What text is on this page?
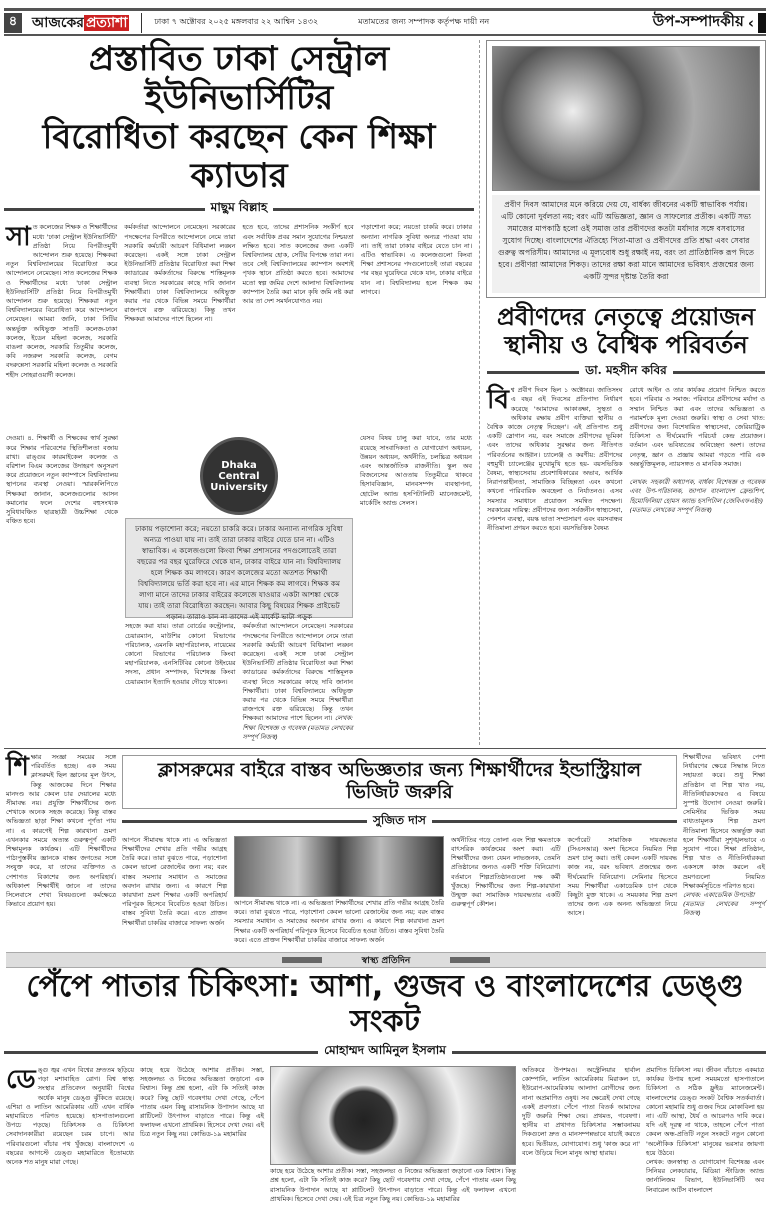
৪	আজকের প্রত্যাশা	ঢাকা ৭ অক্টোবর ২০২৫ মঙ্গলবার ২২ আশ্বিন ১৪৩২	মতামতের জন্য সম্পাদক কর্তৃপক্ষ দায়ী নন	উপ-সম্পাদকীয় ‹
প্রস্তাবিত ঢাকা সেন্ট্রাল ইউনিভার্সিটির
বিরোধিতা করছেন কেন শিক্ষা ক্যাডার
মাছুম বিল্লাহ
সাত কলেজের শিক্ষক ও শিক্ষার্থীদের মধ্যে 'ঢাকা সেন্ট্রাল ইউনিভার্সিটি' প্রতিষ্ঠা নিয়ে বিপরীতমুখী আন্দোলন শুরু হয়েছে। শিক্ষকরা নতুন বিশ্ববিদ্যালয়ের বিরোধিতা করে আন্দোলনে নেমেছেন। সাত কলেজের শিক্ষক ও শিক্ষার্থীদের মধ্যে 'ঢাকা সেন্ট্রাল ইউনিভার্সিটি' প্রতিষ্ঠা নিয়ে বিপরীতমুখী আন্দোলন শুরু হয়েছে। শিক্ষকরা নতুন বিশ্ববিদ্যালয়ের বিরোধিতা করে আন্দোলনে নেমেছেন। আমরা জানি, ঢাকা সিটির অন্তর্ভুক্ত অধিভুক্ত সাতটি কলেজ-ঢাকা কলেজ, ইডেন মহিলা কলেজ, সরকারি বাঙলা কলেজ, সরকারি তিতুমীর কলেজ, কবি নজরুল সরকারি কলেজ, বেগম বদরুন্নেসা সরকারি মহিলা কলেজ ও সরকারি শহীদ সোহরাওয়ার্দী কলেজ।
কর্মকর্তারা আন্দোলনে নেমেছেন। সরকারের পদক্ষেপের বিপরীতে আন্দোলনে নেমে তারা সরকারি কর্মচারী আচরণ বিধিমালা লঙ্ঘন করেছেন। একই সঙ্গে ঢাকা সেন্ট্রাল ইউনিভার্সিটি প্রতিষ্ঠার বিরোধিতা করা শিক্ষা ক্যাডারের কর্মকর্তাদের বিরুদ্ধে শাস্তিমূলক ব্যবস্থা নিতে সরকারের কাছে দাবি জানান শিক্ষার্থীরা। ঢাকা বিশ্ববিদ্যালয়ে অধিভুক্ত করার পর থেকে বিভিন্ন সময়ে শিক্ষার্থীরা রাজপথে রক্ত ঝরিয়েছে। কিন্তু তখন শিক্ষকরা আমাদের পাশে ছিলেন না।
হতে হবে, তাদের প্রশাসনিক সংকীর্ণ হবে এবং সর্বাধিক প্রবর সমান সুযোগের নিশ্চয়তা লক্ষিত হবে। সাত কলেজের জন্য একটি বিশ্ববিদ্যালয় হোক, সেটির বিপক্ষে তারা নন। তবে সেই বিশ্ববিদ্যালয়ের ক্যাম্পাস অবশ্যই পৃথক স্থানে প্রতিষ্ঠা করতে হবে। আমাদের মতো স্বল্প জমির দেশে আলাদা বিশ্ববিদ্যালয় ক্যাম্পাস তৈরি করা মানে কৃষি জমি নষ্ট করা আর তা দেশ সমর্থনযোগ্যও নয়।
পড়াশোনা করে; নয়তো চাকরি করে। ঢাকার অন্যান্য নাগরিক সুবিধা অন্যত্র পাওয়া যায় না। তাই তারা ঢাকার বাইরে যেতে চান না। এটিও স্বাভাবিক। এ কলেজগুলো কিংবা শিক্ষা প্রশাসনের পদগুলোতেই তারা বছরের পর বছর ঘুরেফিরে থেকে যান, ঢাকার বাইরে যান না। বিশ্ববিদ্যালয় হলে শিক্ষক কম লাগবে।
দেওয়া। ৪. শিক্ষার্থী ও শিক্ষকের স্বার্থ সুরক্ষা করে শিক্ষার পরিবেশের স্থিতিশীলতা বজায় রাখা। রাঙ্গুর কারমাইকেল কলেজ ও বরিশাল বিএম কলেজের উদাহরণ অনুসরণ করে প্রয়োজনে নতুন ক্যাম্পাসে বিশ্ববিদ্যালয় স্থাপনের ব্যবস্থা নেওয়া। স্মারকলিপিতে শিক্ষকরা জানান, কলেজগুলোর আসন কমানোর ফলে দেশের বহুসংখ্যক সুবিধাবঞ্চিত ছাত্রছাত্রী উচ্চশিক্ষা থেকে বঞ্চিত হবে।
Dhaka
Central
University
ঢাকায় পড়াশোনা করে; নয়তো চাকরি করে। ঢাকার অন্যান্য নাগরিক সুবিধা অন্যত্র পাওয়া যায় না। তাই তারা ঢাকার বাইরে যেতে চান না। এটিও স্বাভাবিক। এ কলেজগুলো কিংবা শিক্ষা প্রশাসনের পদগুলোতেই তারা বছরের পর বছর ঘুরেফিরে থেকে যান, ঢাকার বাইরে যান না। বিশ্ববিদ্যালয় হলে শিক্ষক কম লাগবে। কারণ কলেজের মতো অতশত শিক্ষার্থী বিশ্ববিদ্যালয়ে ভর্তি করা হবে না। এর মানে শিক্ষক কম লাগবে। শিক্ষক কম লাগা মানে তাদের ঢাকার বাইরের কলেজে যাওয়ার একটা আশঙ্কা থেকে যায়। তাই তারা বিরোধিতা করছেন। আবার কিছু বিষয়ের শিক্ষক প্রাইভেট পড়ান। তারাও চান না তাদের এই মার্কেট ভাটা পড়ুক
সহজে করা যায়। তারা বোর্ডের কন্ট্রোলার, চেয়ারম্যান, মাউশির কোনো বিভাগের পরিচালক, এমনকি মহাপরিচালক, নায়েমের কোনো বিভাগের পরিচালক কিংবা মহাপরিচালক, এনসিটিবির কোনো উইংয়ের সদস্য, প্রধান সম্পাদক, বিশেষজ্ঞ কিংবা চেয়ারম্যান ইত্যাদি হওয়ার দৌড়ে থাকেন।
কর্মকর্তারা আন্দোলনে নেমেছেন। সরকারের পদক্ষেপের বিপরীতে আন্দোলনে নেমে তারা সরকারি কর্মচারী আচরণ বিধিমালা লঙ্ঘন করেছেন। একই সঙ্গে ঢাকা সেন্ট্রাল ইউনিভার্সিটি প্রতিষ্ঠার বিরোধিতা করা শিক্ষা ক্যাডারের কর্মকর্তাদের বিরুদ্ধে শাস্তিমূলক ব্যবস্থা নিতে সরকারের কাছে দাবি জানান শিক্ষার্থীরা। ঢাকা বিশ্ববিদ্যালয়ে অধিভুক্ত করার পর থেকে বিভিন্ন সময়ে শিক্ষার্থীরা রাজপথে রক্ত ঝরিয়েছে। কিন্তু তখন শিক্ষকরা আমাদের পাশে ছিলেন না। লেখক: শিক্ষা বিশেষজ্ঞ ও গবেষক (মতামত লেখকের সম্পূর্ণ নিজস্ব)
যেসব বিষয় চালু করা যাবে, তার মধ্যে রয়েছে সাংবাদিকতা ও যোগাযোগ অধ্যয়ন, উন্নয়ন অধ্যয়ন, অর্থনীতি, চলচ্চিত্র অধ্যয়ন এবং আন্তর্জাতিক রাজনীতি। স্কুল অব বিজনেসের আওতায় তিতুমীরে থাকবে হিসাববিজ্ঞান, মানবসম্পদ ব্যবস্থাপনা, হোটেল অ্যান্ড হসপিটালিটি ম্যানেজমেন্ট, মার্কেটিং অ্যান্ড সেলস।
প্রবীণ দিবস আমাদের মনে করিয়ে দেয় যে, বার্ধক্য জীবনের একটি স্বাভাবিক পর্যায়। এটি কোনো দুর্বলতা নয়; বরং এটি অভিজ্ঞতা, জ্ঞান ও সাফল্যের প্রতীক। একটি সভ্য সমাজের মাপকাঠি হলো ওই সমাজ তার প্রবীণদের কতটা মর্যাদার সঙ্গে বসবাসের সুযোগ দিচ্ছে। বাংলাদেশের ঐতিহ্যে পিতা-মাতা ও প্রবীণদের প্রতি শ্রদ্ধা এবং সেবার গুরুত্ব অপরিসীম। আমাদের এ মূল্যবোধ শুধু রক্ষাই নয়, বরং তা প্রাতিষ্ঠানিক রূপ দিতে হবে। প্রবীণরা আমাদের শিকড়। তাদের রক্ষা করা মানে আমাদের ভবিষ্যৎ প্রজন্মের জন্য একটি সুন্দর দৃষ্টান্ত তৈরি করা
প্রবীণদের নেতৃত্বে প্রয়োজন
স্থানীয় ও বৈশ্বিক পরিবর্তন
ডা. মহসীন কবির
বিশ্ব প্রবীণ দিবস ছিল ১ অক্টোবর। জাতিসংঘ এ বছর এই দিবসের প্রতিপাদ্য নির্ধারণ করেছে 'আমাদের আকাঙ্ক্ষা, সুস্থতা ও অধিকার রক্ষায় প্রবীণ ব্যক্তিরা স্থানীয় ও বৈশ্বিক কাজে নেতৃত্ব দিচ্ছেন'। এই প্রতিপাদ্য শুধু একটি স্লোগান নয়, বরং সমাজে প্রবীণদের ভূমিকা এবং তাদের অধিকার সুরক্ষার জন্য নীতিগত পরিবর্তনের আহ্বান। চ্যালেঞ্জ ও করণীয়: প্রবীণদের বহুমুখী চ্যালেঞ্জের মুখোমুখি হতে হয়- বয়সভিত্তিক বৈষম্য, স্বাস্থ্যসেবায় প্রবেশাধিকারের অভাব, আর্থিক নিরাপত্তাহীনতা, সামাজিক বিচ্ছিন্নতা এবং কখনো কখনো পারিবারিক অবহেলা ও নির্যাতনও। এসব সমস্যার সমাধানে প্রয়োজন সমন্বিত পদক্ষেপ। সরকারের দায়িত্ব: প্রবীণদের জন্য সর্বজনীন স্বাস্থ্যসেবা, পেনশন ব্যবস্থা, বয়স্ক ভাতা সম্প্রসারণ এবং বয়সবান্ধব নীতিমালা প্রণয়ন করতে হবে। বয়সভিত্তিক বৈষম্য
রোধে আইন ও তার কার্যকর প্রয়োগ নিশ্চিত করতে হবে। পরিবার ও সমাজ: পরিবারে প্রবীণদের মর্যাদা ও সম্মান নিশ্চিত করা এবং তাদের অভিজ্ঞতা ও পরামর্শকে মূল্য দেওয়া জরুরি। স্বাস্থ্য ও সেবা খাত: প্রবীণদের জন্য বিশেষায়িত স্বাস্থ্যসেবা, জেরিয়াট্রিক চিকিৎসা ও দীর্ঘমেয়াদি পরিচর্যা কেন্দ্র প্রয়োজন। বর্তমান এবং ভবিষ্যতের অবিচ্ছেদ্য অংশ। তাদের নেতৃত্ব, জ্ঞান ও প্রজ্ঞায় আমরা গড়তে পারি এক অন্তর্ভুক্তিমূলক, ন্যায়সঙ্গত ও মানবিক সমাজ।

লেখক: সহকারী অধ্যাপক, বার্ধক্য বিশেষজ্ঞ ও গবেষক এবং উপ-পরিচালক, জাপান বাংলাদেশ ফ্রেন্ডশিপ, হিমোফিলিয়া হোমস অ্যান্ড হসপিটাল (জেবিএফএইচ)
(মতামত লেখকের সম্পূর্ণ নিজস্ব)
শিক্ষার সংজ্ঞা সময়ের সঙ্গে পরিবর্তিত হচ্ছে। এক সময় ক্লাসরুমই ছিল জ্ঞানের মূল উৎস, কিন্তু আজকের দিনে শিক্ষার মানদণ্ড আর কেবল চার দেয়ালের মধ্যে সীমাবদ্ধ নয়। প্রযুক্তি শিক্ষার্থীদের জন্য শেখাকে অনেক সহজ করেছে। কিন্তু বাস্তব অভিজ্ঞতা ছাড়া শিক্ষা কখনো পূর্ণতা পায় না। এ কারণেই শিল্প কারখানা ভ্রমণ এখনকার সময়ে অত্যন্ত গুরুত্বপূর্ণ একটি শিক্ষামূলক কার্যক্রম। এটি শিক্ষার্থীদের পাঠ্যপুস্তকীয় জ্ঞানকে বাস্তব জগতের সঙ্গে সংযুক্ত করে, যা তাদের ব্যক্তিগত ও পেশাগত বিকাশের জন্য অপরিহার্য। অধিকাংশ শিক্ষার্থীই জানে না তাদের সিলেবাসে শেখা বিষয়গুলো কর্মক্ষেত্রে কিভাবে প্রয়োগ হয়।
ক্লাসরুমের বাইরে বাস্তব অভিজ্ঞতার জন্য শিক্ষার্থীদের ইন্ডাস্ট্রিয়াল ভিজিট জরুরি
সুজিত দাস
আপনে সীমাবদ্ধ থাকে না। এ অভিজ্ঞতা শিক্ষার্থীদের শেখার প্রতি গভীর আগ্রহ তৈরি করে। তারা বুঝতে পারে, পড়াশোনা কেবল ভালো রেজাল্টের জন্য নয়; বরং বাস্তব সমস্যার সমাধান ও সমাজের অবদান রাখার জন্য। এ কারণে শিল্প কারখানা ভ্রমণ শিক্ষার একটি অপরিহার্য পরিপূরক হিসেবে বিবেচিত হওয়া উচিত। বাস্তব সুবিধা তৈরি করে। এতে প্রাক্তন শিক্ষার্থীরা চাকরির বাজারে সাফল্য অর্জন
আপনে সীমাবদ্ধ থাকে না। এ অভিজ্ঞতা শিক্ষার্থীদের শেখার প্রতি গভীর আগ্রহ তৈরি করে। তারা বুঝতে পারে, পড়াশোনা কেবল ভালো রেজাল্টের জন্য নয়; বরং বাস্তব সমস্যার সমাধান ও সমাজের অবদান রাখার জন্য। এ কারণে শিল্প কারখানা ভ্রমণ শিক্ষার একটি অপরিহার্য পরিপূরক হিসেবে বিবেচিত হওয়া উচিত। বাস্তব সুবিধা তৈরি করে। এতে প্রাক্তন শিক্ষার্থীরা চাকরির বাজারে সাফল্য অর্জন
অর্থনীতির গড়ে তোলা এবং শিল্প ক্ষমতাকে বাৎসরিক কার্যক্রমের অংশ করা। এটি শিক্ষার্থীদের জন্য যেমন লাভজনক, তেমনি প্রতিষ্ঠানের জন্যও একটি শক্তি বিনিয়োগ। বর্তমানে শিল্পপ্রতিষ্ঠানগুলো দক্ষ কর্মী খুঁজছে। শিক্ষার্থীদের জন্য শিল্প-কারখানা উন্মুক্ত করা সামাজিক দায়বদ্ধতার একটি গুরুত্বপূর্ণ কৌশল।
কর্পোরেট সামাজিক দায়বদ্ধতার (সিএসআর) অংশ হিসেবে নিয়মিত শিল্প ভ্রমণ চালু করা। তাই কেবল একটি দায়বদ্ধ কাজ নয়, বরং ভবিষ্যৎ প্রজন্মের জন্য দীর্ঘমেয়াদি বিনিয়োগ। সেমিনার হিসেবে সময় শিক্ষার্থীরা একাডেমিক চাপ থেকে কিছুটা মুক্ত থাকে। এ সময়কার শিল্প ভ্রমণ তাদের জন্য এক অনন্য অভিজ্ঞতা নিয়ে আসে।
শিক্ষার্থীদের ভবিষ্যৎ পেশা নির্ধারণের ক্ষেত্রে সিদ্ধান্ত নিতে সহায়তা করে। শুধু শিক্ষা প্রতিষ্ঠান বা শিল্প খাত নয়, নীতিনির্ধারকদেরও এ বিষয়ে সুস্পষ্ট উদ্যোগ নেওয়া জরুরি। সেমিস্টার ভিত্তিক সময় বাধ্যতামূলক শিল্প ভ্রমণ নীতিমালা হিসেবে অন্তর্ভুক্ত করা হলে শিক্ষার্থীরা সুশৃঙ্খলভাবে এ সুযোগ পাবে। শিক্ষা প্রতিষ্ঠান, শিল্প খাত ও নীতিনির্ধারকরা একসঙ্গে কাজ করলে এই ভ্রমণগুলো নিয়মিত শিক্ষাকর্মসূচিতে পরিণত হবে।
লেখক: একাডেমিক উপদেষ্টা
(মতামত লেখকের সম্পূর্ণ নিজস্ব)
স্বাস্থ্য প্রতিদিন
পেঁপে পাতার চিকিৎসা: আশা, গুজব ও বাংলাদেশের ডেঙ্গু সংকট
মোহাম্মদ আমিনুল ইসলাম
ডেঙ্গু জ্বর এখন বিশ্বের দ্রুততম ছড়িয়ে পড়া মশাবাহিত রোগ। বিশ্ব স্বাস্থ্য সংস্থার প্রতিবেদন অনুযায়ী বিশ্বের অর্ধেক মানুষ ডেঙ্গু ঝুঁকিতে রয়েছে। এশিয়া ও লাতিন আমেরিকায় এটি এখন বার্ষিক মহামারিতে পরিণত হয়েছে। হাসপাতালগুলো উপচে পড়ছে। চিকিৎসক ও চিকিৎসা সেবাদানকারীরা রয়েছেন চরম চাপে। আর পরিবারগুলো বাঁচার পথ খুঁজছে। বাংলাদেশে এ বছরের আগস্টে ডেঙ্গু মহামারিতে ইতোমধ্যে অনেক শত মানুষ মারা গেছে।
কাছে হয়ে উঠেছে আশার প্রতীক। সস্তা, সহজলভ্য ও নিজের অভিজ্ঞতা জড়ানো এক বিশ্বাস। কিন্তু প্রশ্ন হলো, এটা কি সত্যিই কাজ করে? কিছু ছোট গবেষণায় দেখা গেছে, পেঁপে পাতায় এমন কিছু রাসায়নিক উপাদান আছে যা প্লাটিলেট উৎপাদন বাড়াতে পারে। কিন্তু এই ফলাফল এখনো প্রাথমিক। হিসেবে দেখা দেয়। এই চিত্র নতুন কিছু নয়। কোভিড-১৯ মহামারির
কাছে হয়ে উঠেছে আশার প্রতীক। সস্তা, সহজলভ্য ও নিজের অভিজ্ঞতা জড়ানো এক বিশ্বাস। কিন্তু প্রশ্ন হলো, এটা কি সত্যিই কাজ করে? কিছু ছোট গবেষণায় দেখা গেছে, পেঁপে পাতায় এমন কিছু রাসায়নিক উপাদান আছে যা প্লাটিলেট উৎপাদন বাড়াতে পারে। কিন্তু এই ফলাফল এখনো প্রাথমিক। হিসেবে দেখা দেয়। এই চিত্র নতুন কিছু নয়। কোভিড-১৯ মহামারির
অতিকরে উপশমও। অস্ট্রেলিয়ার হার্বাল কোম্পানি, লাতিন আমেরিকায় মিরাকল চা, ইউরোপ-আমেরিকায় আলাদা রোগীদের জন্য নানা অপ্রমাণিত ওষুধ। সব ক্ষেত্রেই দেখা গেছে একই প্রবণতা। পেঁপে পাতা বিতর্ক আমাদের দুটি জরুরি শিক্ষা দেয়। প্রথমত, গবেষণা। স্থানীয় বা প্রথাগত চিকিৎসার সম্ভাবনাময় দিকগুলো দ্রুত ও মানসম্পন্নভাবে যাচাই করতে হবে। দ্বিতীয়ত, যোগাযোগ। শুধু 'কাজ করে না' বলে উড়িয়ে দিলে মানুষ আস্থা হারায়।
প্রমাণিত চিকিৎসা নয়। জীবন বাঁচাতে একমাত্র কার্যকর উপায় হলো সময়মতো হাসপাতালে চিকিৎসা ও সঠিক ফ্লুইড ম্যানেজমেন্ট। বাংলাদেশের ডেঙ্গু সংকট বৈশ্বিক সতর্কবার্তা। কোনো মহামারি শুধু গুজব দিয়ে মোকাবিলা হয় না। এটি আস্থা, ধৈর্য ও আচরণও দাবি করে। যদি এই দূরত্ব না থাকে, তাহলে পেঁপে পাতা কেবল অন্ধ-প্রতিটি নতুন সংকটে নতুন কোনো 'অলৌকিক চিকিৎসা' মানুষের ভরসার জায়গা হয়ে উঠবে।
লেখক: জনস্বাস্থ্য ও যোগাযোগ বিশেষজ্ঞ এবং সিনিয়র লেকচারার, মিডিয়া স্টাডিজ অ্যান্ড জার্নালিজম বিভাগ, ইউনিভার্সিটি অব লিবারেল আর্টস বাংলাদেশ
